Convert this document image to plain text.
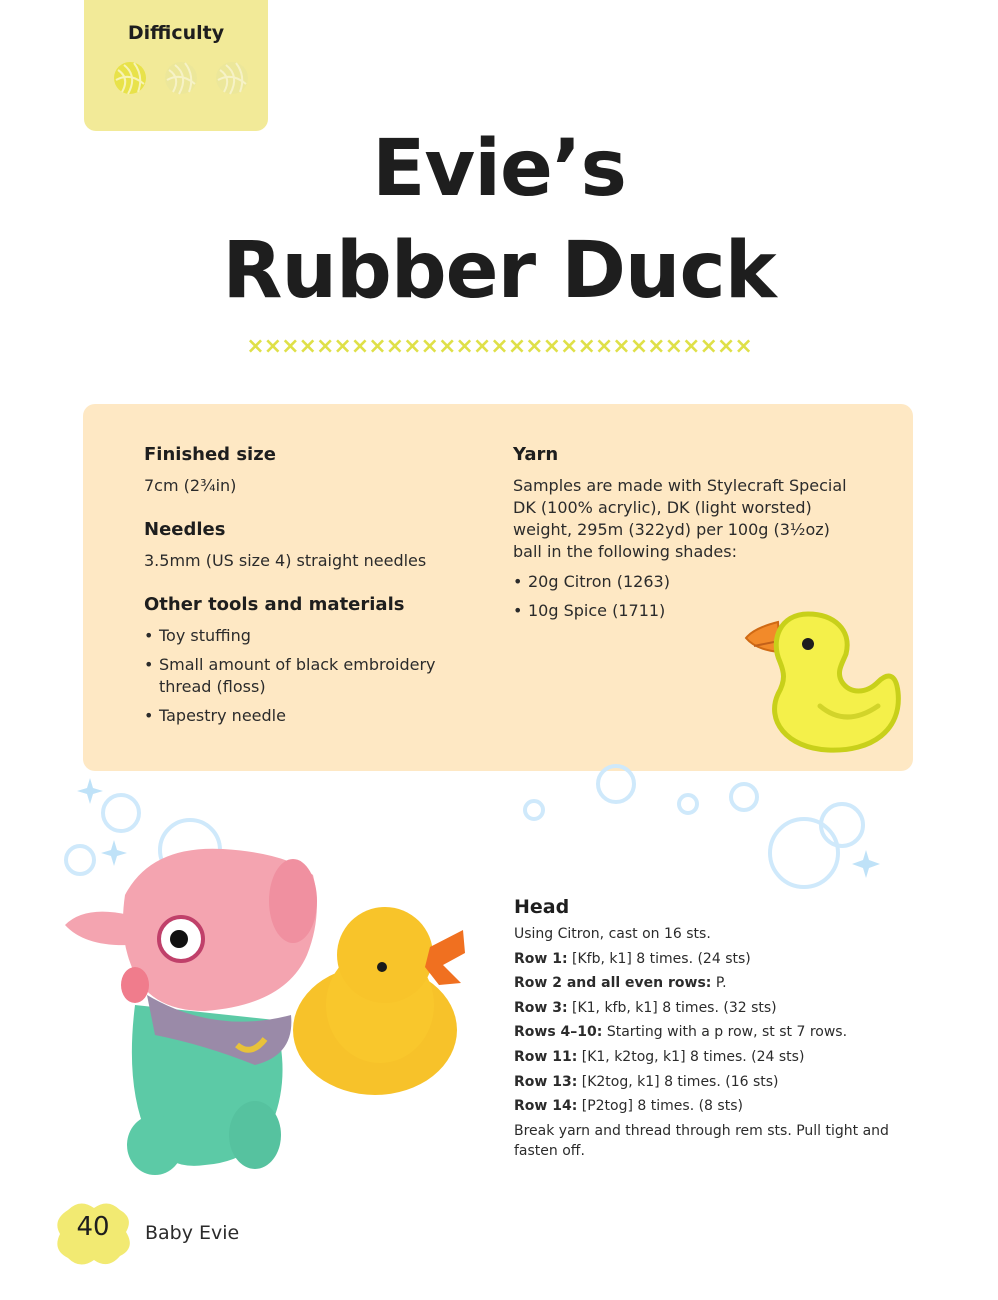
Difficulty

Evie’s
Rubber Duck
×××××××××××××××××××××××××××××
Finished size
7cm (2¾in)
Needles
3.5mm (US size 4) straight needles
Other tools and materials
• Toy stuffing
• Small amount of black embroidery thread (floss)
• Tapestry needle
Yarn
Samples are made with Stylecraft Special DK (100% acrylic), DK (light worsted) weight, 295m (322yd) per 100g (3½oz) ball in the following shades:
• 20g Citron (1263)
• 10g Spice (1711)
Head
Using Citron, cast on 16 sts.
Row 1: [Kfb, k1] 8 times. (24 sts)
Row 2 and all even rows: P.
Row 3: [K1, kfb, k1] 8 times. (32 sts)
Rows 4–10: Starting with a p row, st st 7 rows.
Row 11: [K1, k2tog, k1] 8 times. (24 sts)
Row 13: [K2tog, k1] 8 times. (16 sts)
Row 14: [P2tog] 8 times. (8 sts)
Break yarn and thread through rem sts. Pull tight and fasten off.
40	Baby Evie
